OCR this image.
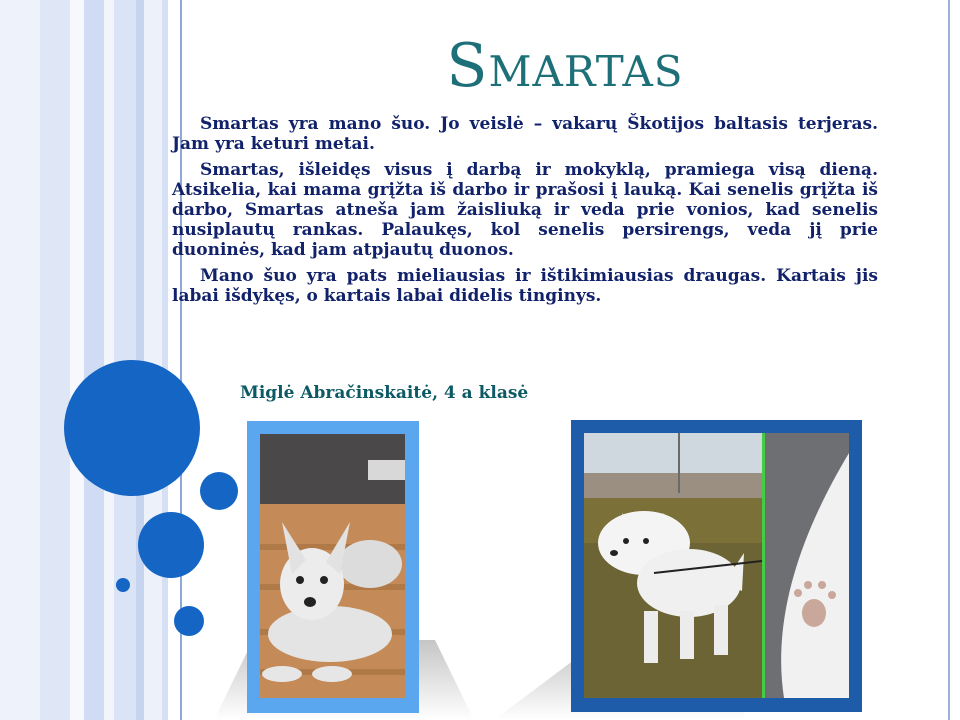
Smartas

Smartas yra mano šuo. Jo veislė – vakarų Škotijos baltasis terjeras. Jam yra keturi metai.

Smartas, išleidęs visus į darbą ir mokyklą, pramiega visą dieną. Atsikelia, kai mama grįžta iš darbo ir prašosi į lauką. Kai senelis grįžta iš darbo, Smartas atneša jam žaisliuką ir veda prie vonios, kad senelis nusiplautų rankas. Palaukęs, kol senelis persirengs, veda jį prie duoninės, kad jam atpjautų duonos.

Mano šuo yra pats mieliausias ir ištikimiausias draugas. Kartais jis labai išdykęs, o kartais labai didelis tinginys.

Miglė Abračinskaitė, 4 a klasė
